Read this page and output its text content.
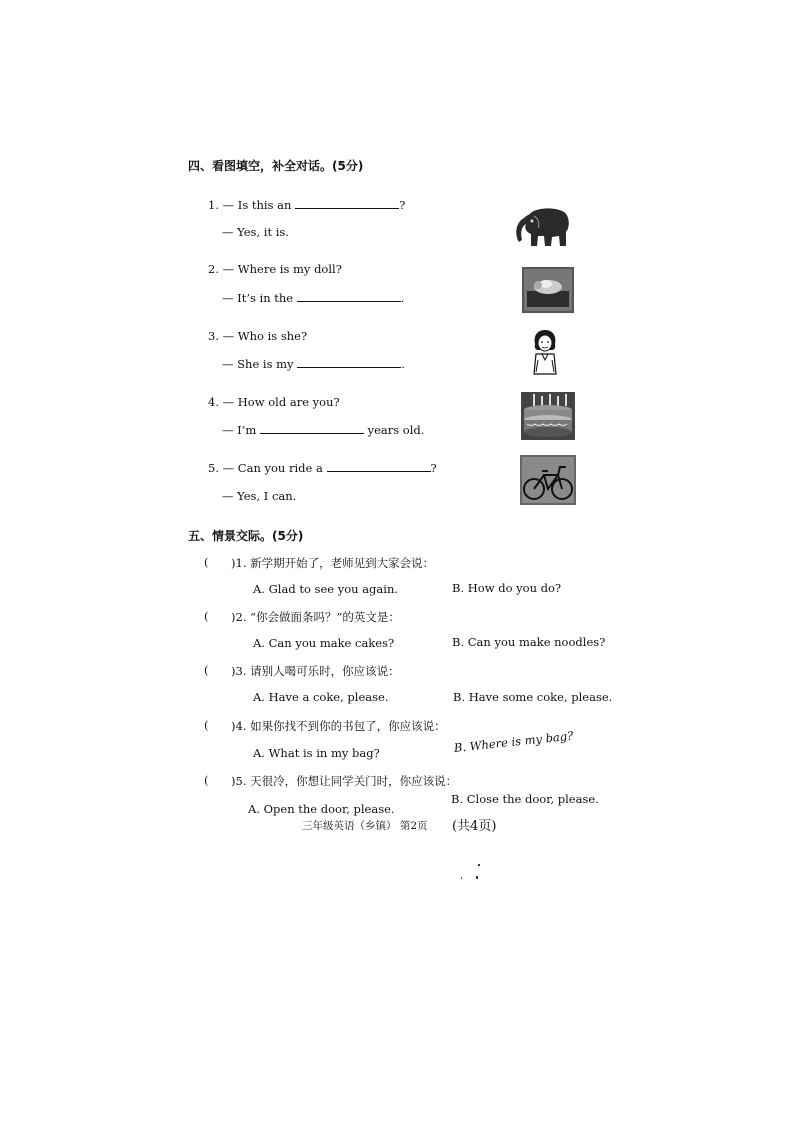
四、看图填空，补全对话。(5分)
1. — Is this an	?
— Yes, it is.
2. — Where is my doll?
— It’s in the	.
3. — Who is she?
— She is my	.
4. — How old are you?
— I’m	years old.
5. — Can you ride a	?
— Yes, I can.
五、情景交际。(5分)
( )1. 新学期开始了，老师见到大家会说：
A. Glad to see you again.	B. How do you do?
( )2. “你会做面条吗？”的英文是：
A. Can you make cakes?	B. Can you make noodles?
( )3. 请别人喝可乐时，你应该说：
A. Have a coke, please.	B. Have some coke, please.
( )4. 如果你找不到你的书包了，你应该说：
A. What is in my bag?	B. Where is my bag?
( )5. 天很冷，你想让同学关门时，你应该说：
A. Open the door, please.
B. Close the door, please.
三年级英语（乡镇） 第2页 (共4页)
